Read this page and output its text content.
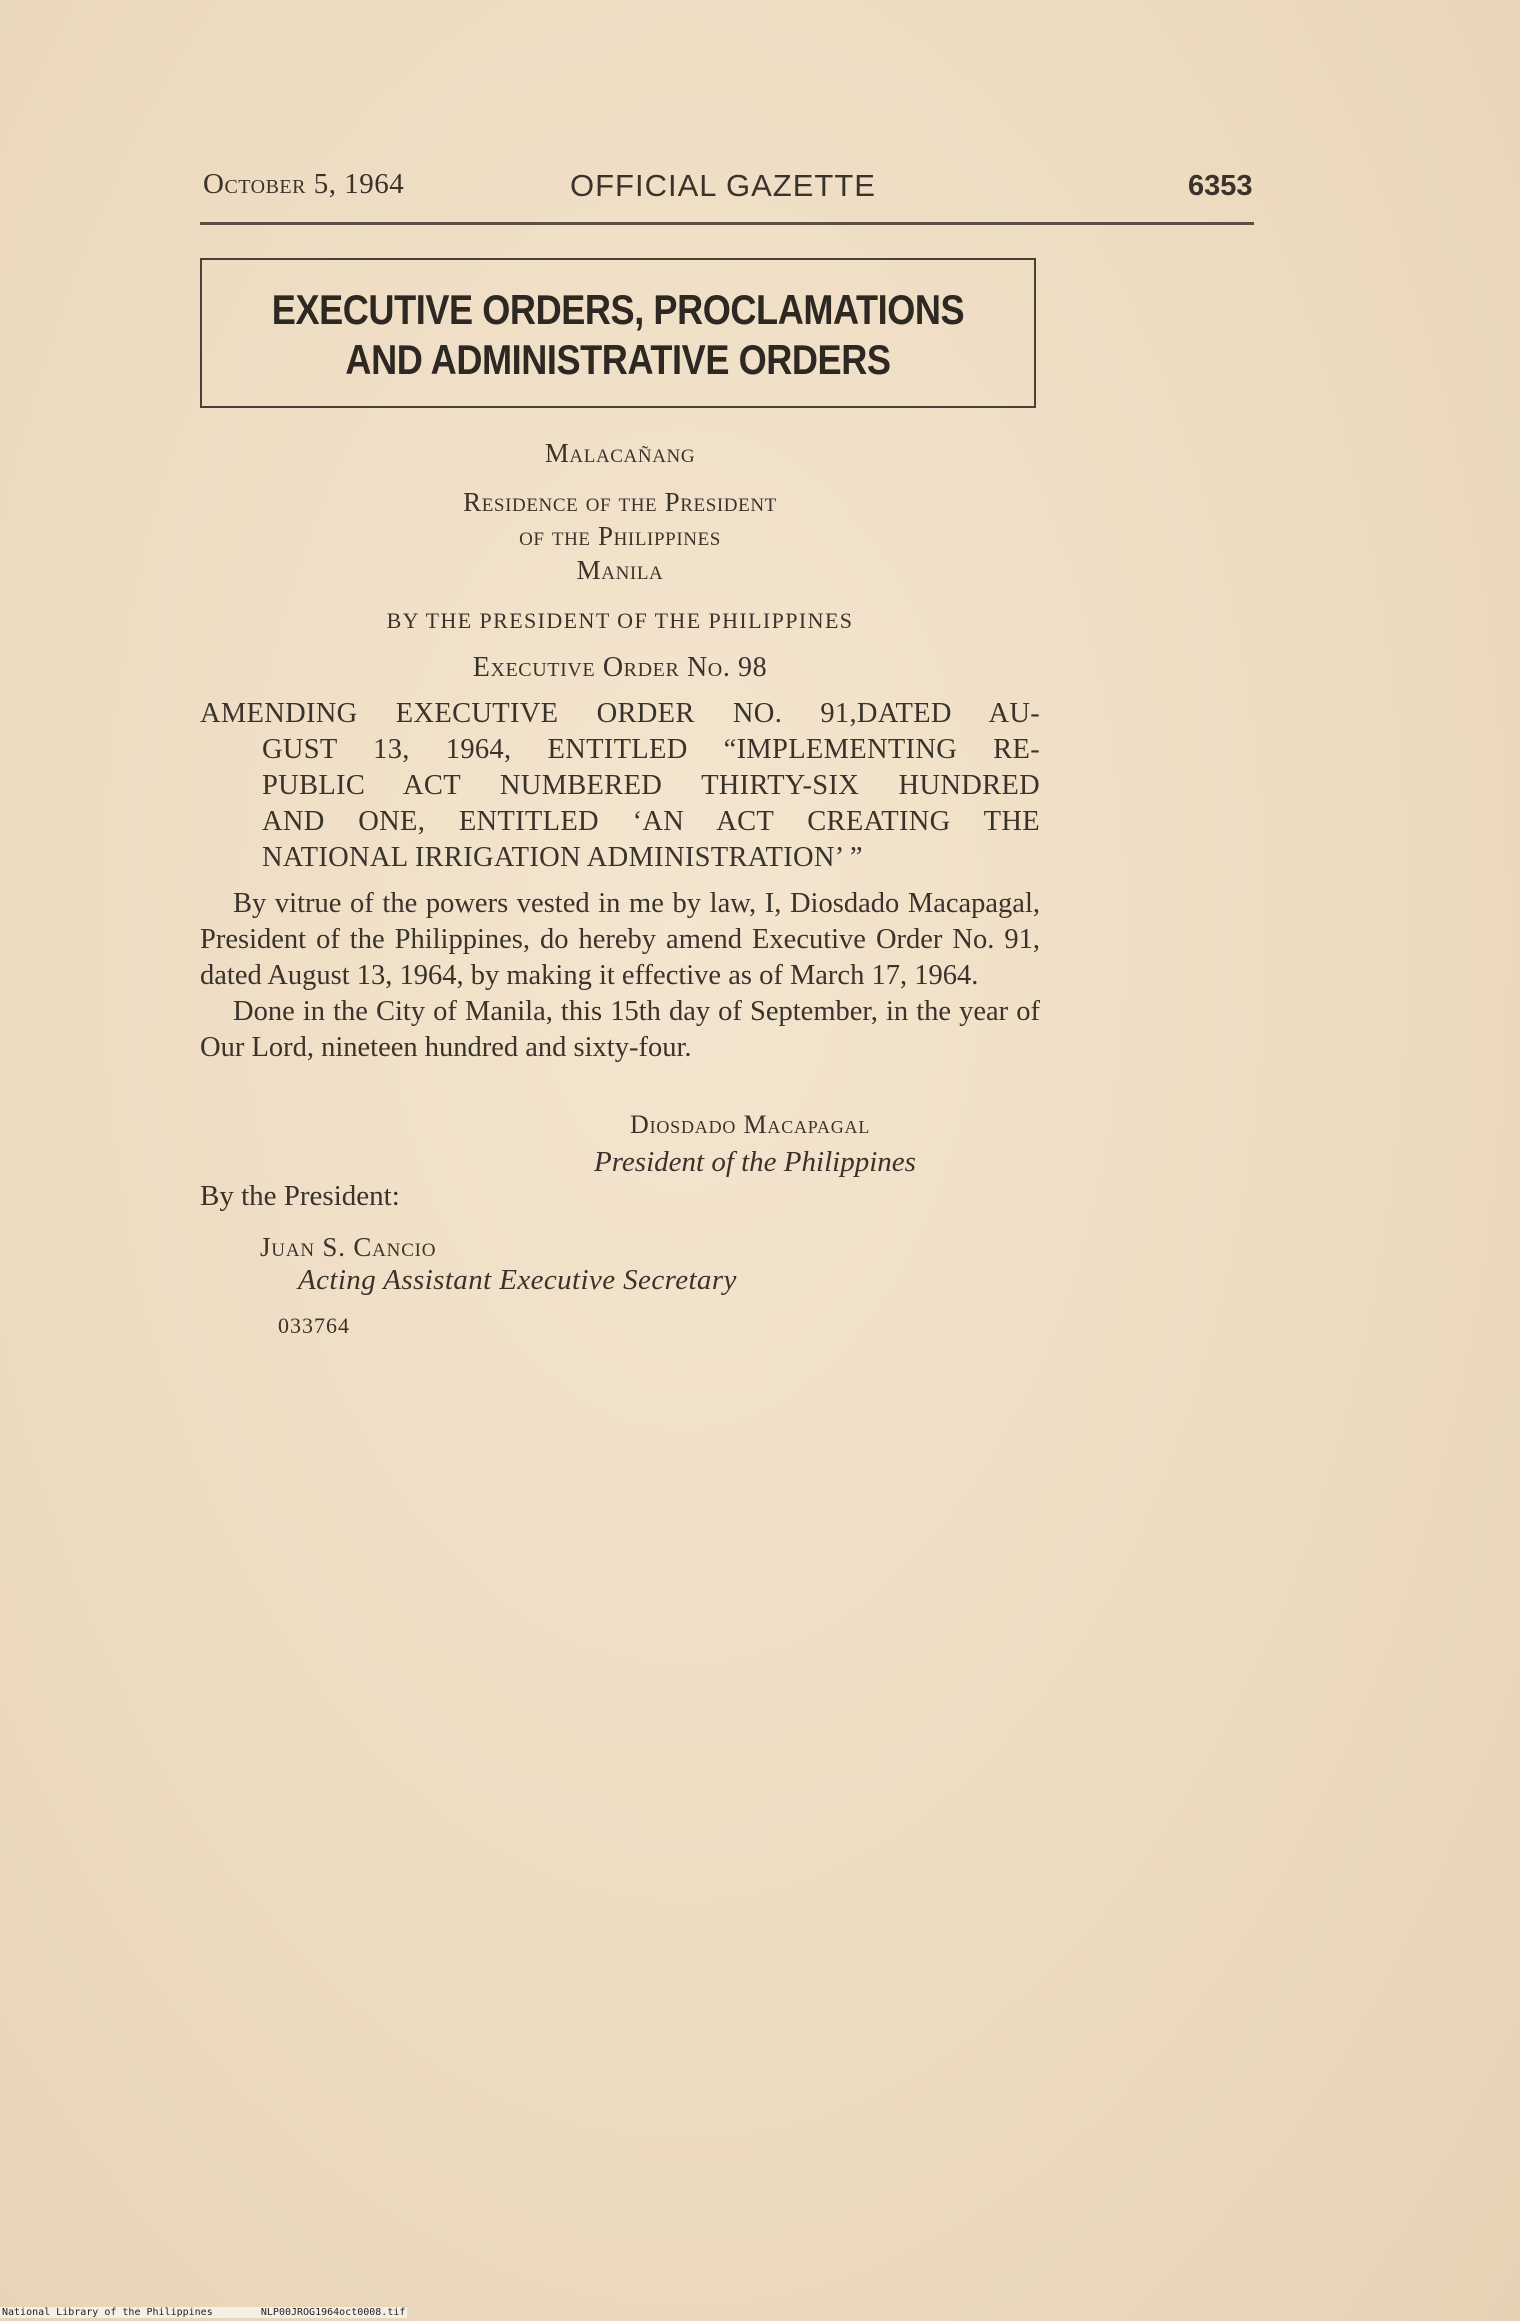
October 5, 1964	OFFICIAL GAZETTE	6353
EXECUTIVE ORDERS, PROCLAMATIONS
AND ADMINISTRATIVE ORDERS
Malacañang
Residence of the President
of the Philippines
Manila
BY THE PRESIDENT OF THE PHILIPPINES
Executive Order No. 98

AMENDING EXECUTIVE ORDER NO. 91,DATED AU-

GUST 13, 1964, ENTITLED “IMPLEMENTING RE-

PUBLIC ACT NUMBERED THIRTY-SIX HUNDRED

AND ONE, ENTITLED ‘AN ACT CREATING THE

NATIONAL IRRIGATION ADMINISTRATION’ ”

By vitrue of the powers vested in me by law, I, Diosdado Macapagal, President of the Philippines, do hereby amend Executive Order No. 91, dated August 13, 1964, by making it effective as of March 17, 1964.

Done in the City of Manila, this 15th day of September, in the year of Our Lord, nineteen hundred and sixty-four.

Diosdado Macapagal
President of the Philippines
By the President:
Juan S. Cancio
Acting Assistant Executive Secretary
033764
National Library of the Philippines	NLP00JROG1964oct0008.tif
